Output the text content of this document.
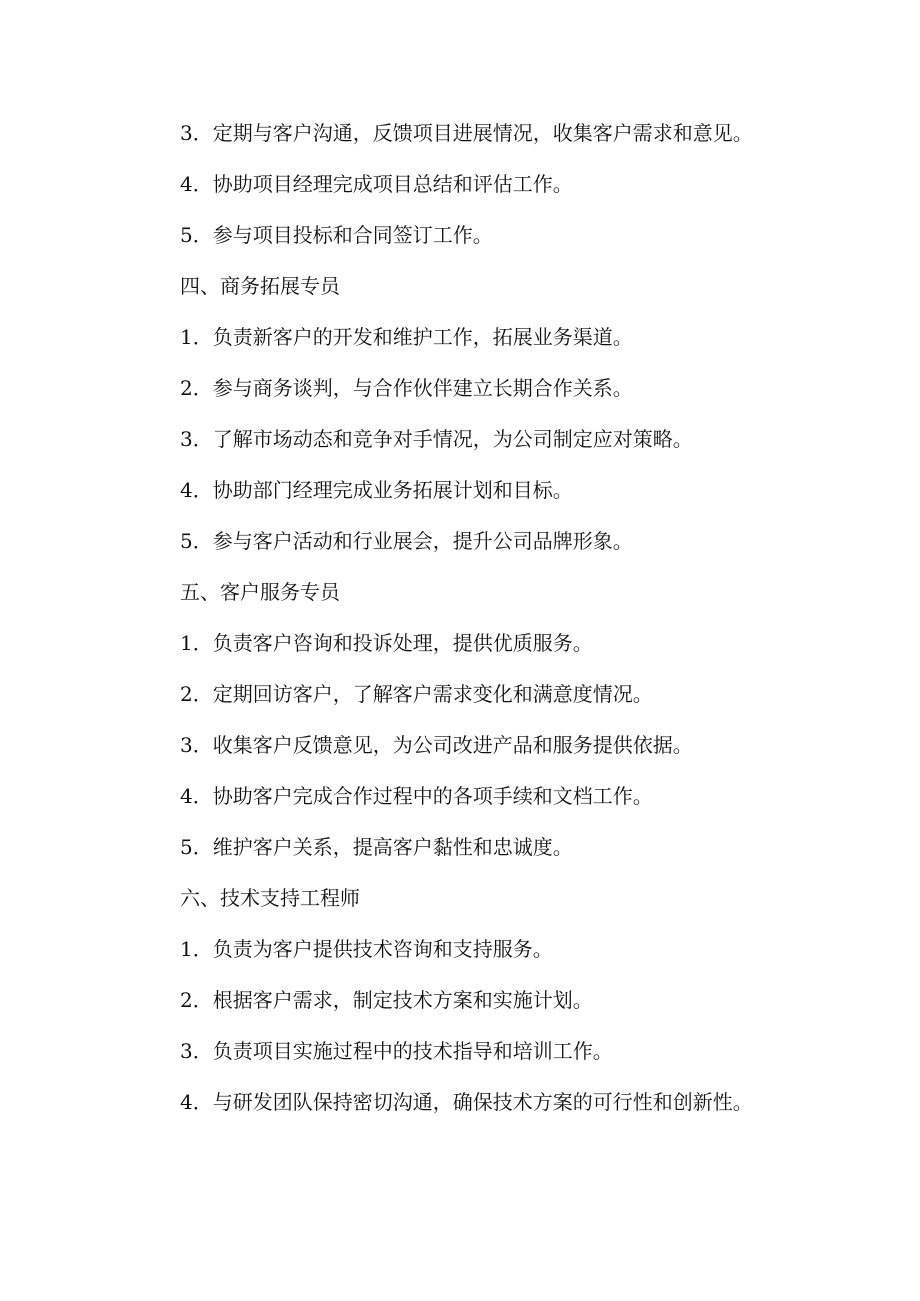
3．定期与客户沟通，反馈项目进展情况，收集客户需求和意见。

4．协助项目经理完成项目总结和评估工作。

5．参与项目投标和合同签订工作。

四、商务拓展专员

1．负责新客户的开发和维护工作，拓展业务渠道。

2．参与商务谈判，与合作伙伴建立长期合作关系。

3．了解市场动态和竞争对手情况，为公司制定应对策略。

4．协助部门经理完成业务拓展计划和目标。

5．参与客户活动和行业展会，提升公司品牌形象。

五、客户服务专员

1．负责客户咨询和投诉处理，提供优质服务。

2．定期回访客户，了解客户需求变化和满意度情况。

3．收集客户反馈意见，为公司改进产品和服务提供依据。

4．协助客户完成合作过程中的各项手续和文档工作。

5．维护客户关系，提高客户黏性和忠诚度。

六、技术支持工程师

1．负责为客户提供技术咨询和支持服务。

2．根据客户需求，制定技术方案和实施计划。

3．负责项目实施过程中的技术指导和培训工作。

4．与研发团队保持密切沟通，确保技术方案的可行性和创新性。
